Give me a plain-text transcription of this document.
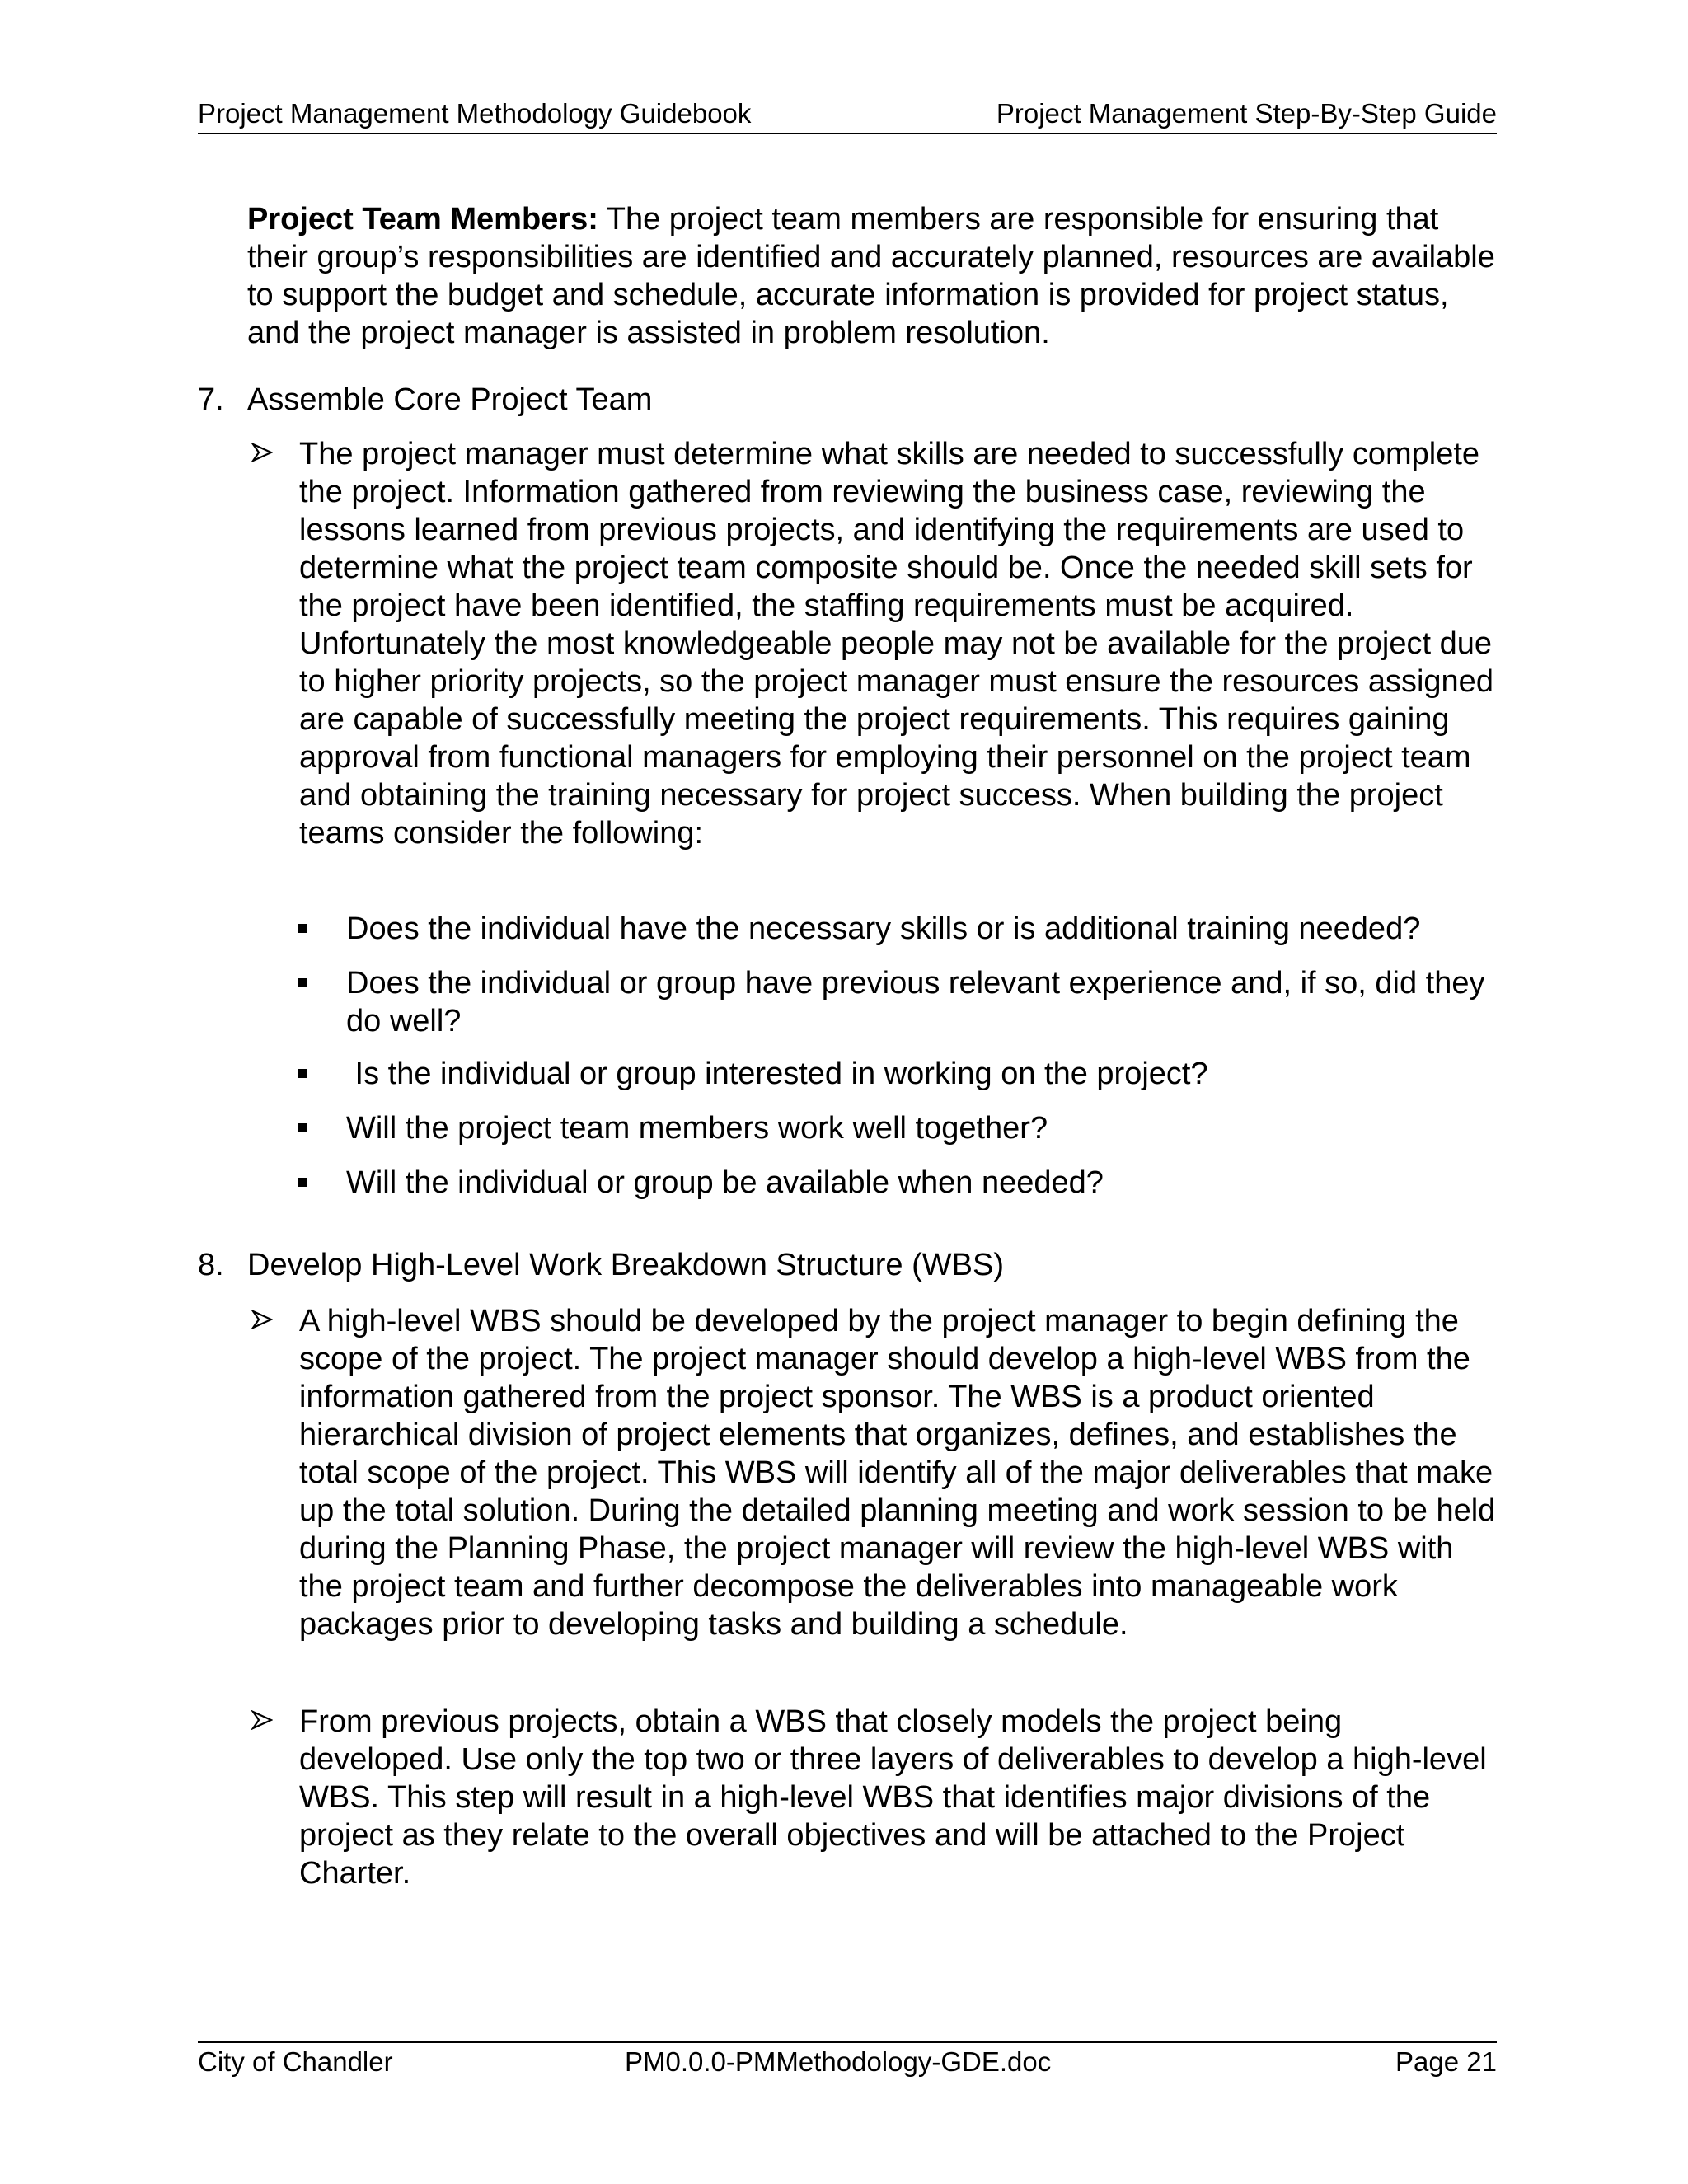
Project Management Methodology Guidebook	Project Management Step-By-Step Guide
Project Team Members: The project team members are responsible for ensuring that their group’s responsibilities are identified and accurately planned, resources are available to support the budget and schedule, accurate information is provided for project status, and the project manager is assisted in problem resolution.
7. Assemble Core Project Team
The project manager must determine what skills are needed to successfully complete the project. Information gathered from reviewing the business case, reviewing the lessons learned from previous projects, and identifying the requirements are used to determine what the project team composite should be. Once the needed skill sets for the project have been identified, the staffing requirements must be acquired. Unfortunately the most knowledgeable people may not be available for the project due to higher priority projects, so the project manager must ensure the resources assigned are capable of successfully meeting the project requirements. This requires gaining approval from functional managers for employing their personnel on the project team and obtaining the training necessary for project success. When building the project teams consider the following:
Does the individual have the necessary skills or is additional training needed?
Does the individual or group have previous relevant experience and, if so, did they do well?
Is the individual or group interested in working on the project?
Will the project team members work well together?
Will the individual or group be available when needed?
8. Develop High-Level Work Breakdown Structure (WBS)
A high-level WBS should be developed by the project manager to begin defining the scope of the project. The project manager should develop a high-level WBS from the information gathered from the project sponsor. The WBS is a product oriented hierarchical division of project elements that organizes, defines, and establishes the total scope of the project. This WBS will identify all of the major deliverables that make up the total solution. During the detailed planning meeting and work session to be held during the Planning Phase, the project manager will review the high-level WBS with the project team and further decompose the deliverables into manageable work packages prior to developing tasks and building a schedule.
From previous projects, obtain a WBS that closely models the project being developed. Use only the top two or three layers of deliverables to develop a high-level WBS. This step will result in a high-level WBS that identifies major divisions of the project as they relate to the overall objectives and will be attached to the Project Charter.
City of Chandler	PM0.0.0-PMMethodology-GDE.doc	Page 21
